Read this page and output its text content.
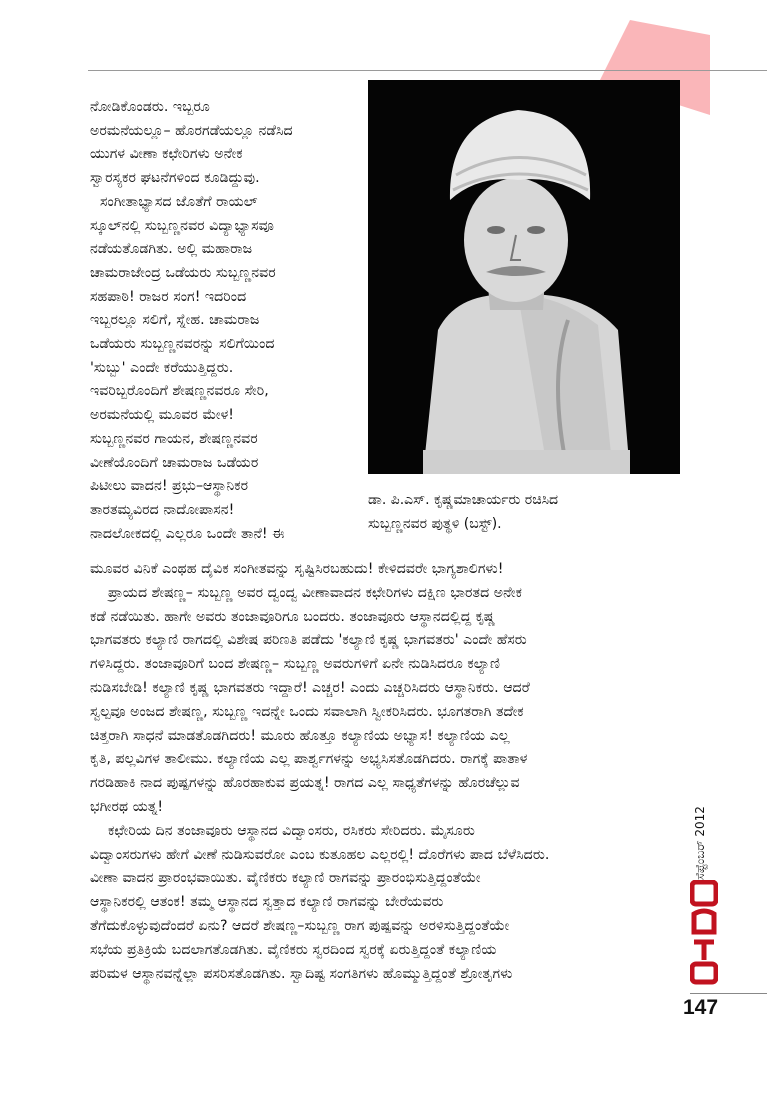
ಡಾ. ಪಿ.ಎಸ್. ಕೃಷ್ಣಮಾಚಾರ್ಯರು ರಚಿಸಿದ
ಸುಬ್ಬಣ್ಣನವರ ಪುತ್ಥಳಿ (ಬಸ್ಟ್).
ನೋಡಿಕೊಂಡರು. ಇಬ್ಬರೂ
ಅರಮನೆಯಲ್ಲೂ– ಹೊರಗಡೆಯಲ್ಲೂ ನಡೆಸಿದ
ಯುಗಳ ವೀಣಾ ಕಛೇರಿಗಳು ಅನೇಕ
ಸ್ವಾರಸ್ಯಕರ ಘಟನೆಗಳಿಂದ ಕೂಡಿದ್ದುವು.
ಸಂಗೀತಾಭ್ಯಾಸದ ಜೊತೆಗೆ ರಾಯಲ್
ಸ್ಕೂಲ್‌ನಲ್ಲಿ ಸುಬ್ಬಣ್ಣನವರ ವಿದ್ಯಾಭ್ಯಾಸವೂ
ನಡೆಯತೊಡಗಿತು. ಅಲ್ಲಿ ಮಹಾರಾಜ
ಚಾಮರಾಜೇಂದ್ರ ಒಡೆಯರು ಸುಬ್ಬಣ್ಣನವರ
ಸಹಪಾಠಿ! ರಾಜರ ಸಂಗ! ಇದರಿಂದ
ಇಬ್ಬರಲ್ಲೂ ಸಲಿಗೆ, ಸ್ನೇಹ. ಚಾಮರಾಜ
ಒಡೆಯರು ಸುಬ್ಬಣ್ಣನವರನ್ನು ಸಲಿಗೆಯಿಂದ
'ಸುಬ್ಬು' ಎಂದೇ ಕರೆಯುತ್ತಿದ್ದರು.
ಇವರಿಬ್ಬರೊಂದಿಗೆ ಶೇಷಣ್ಣನವರೂ ಸೇರಿ,
ಅರಮನೆಯಲ್ಲಿ ಮೂವರ ಮೇಳ!
ಸುಬ್ಬಣ್ಣನವರ ಗಾಯನ, ಶೇಷಣ್ಣನವರ
ವೀಣೆಯೊಂದಿಗೆ ಚಾಮರಾಜ ಒಡೆಯರ
ಪಿಟೀಲು ವಾದನ! ಪ್ರಭು–ಆಸ್ಥಾನಿಕರ
ತಾರತಮ್ಯವಿರದ ನಾದೋಪಾಸನ!
ನಾದಲೋಕದಲ್ಲಿ ಎಲ್ಲರೂ ಒಂದೇ ತಾನೆ! ಈ
ಮೂವರ ವಿನಿಕೆ ಎಂಥಹ ದೈವಿಕ ಸಂಗೀತವನ್ನು ಸೃಷ್ಟಿಸಿರಬಹುದು! ಕೇಳಿದವರೇ ಭಾಗ್ಯಶಾಲಿಗಳು!
ಪ್ರಾಯದ ಶೇಷಣ್ಣ– ಸುಬ್ಬಣ್ಣ ಅವರ ದ್ವಂದ್ವ ವೀಣಾವಾದನ ಕಛೇರಿಗಳು ದಕ್ಷಿಣ ಭಾರತದ ಅನೇಕ
ಕಡೆ ನಡೆಯಿತು. ಹಾಗೇ ಅವರು ತಂಜಾವೂರಿಗೂ ಬಂದರು. ತಂಜಾವೂರು ಆಸ್ಥಾನದಲ್ಲಿದ್ದ ಕೃಷ್ಣ
ಭಾಗವತರು ಕಲ್ಯಾಣಿ ರಾಗದಲ್ಲಿ ವಿಶೇಷ ಪರಿಣತಿ ಪಡೆದು 'ಕಲ್ಯಾಣಿ ಕೃಷ್ಣ ಭಾಗವತರು' ಎಂದೇ ಹೆಸರು
ಗಳಿಸಿದ್ದರು. ತಂಜಾವೂರಿಗೆ ಬಂದ ಶೇಷಣ್ಣ– ಸುಬ್ಬಣ್ಣ ಅವರುಗಳಿಗೆ ಏನೇ ನುಡಿಸಿದರೂ ಕಲ್ಯಾಣಿ
ನುಡಿಸಬೇಡಿ! ಕಲ್ಯಾಣಿ ಕೃಷ್ಣ ಭಾಗವತರು ಇದ್ದಾರೆ! ಎಚ್ಚರ! ಎಂದು ಎಚ್ಚರಿಸಿದರು ಆಸ್ಥಾನಿಕರು. ಆದರೆ
ಸ್ವಲ್ಪವೂ ಅಂಜದ ಶೇಷಣ್ಣ, ಸುಬ್ಬಣ್ಣ ಇದನ್ನೇ ಒಂದು ಸವಾಲಾಗಿ ಸ್ವೀಕರಿಸಿದರು. ಭೂಗತರಾಗಿ ತದೇಕ
ಚಿತ್ತರಾಗಿ ಸಾಧನೆ ಮಾಡತೊಡಗಿದರು! ಮೂರು ಹೊತ್ತೂ ಕಲ್ಯಾಣಿಯ ಅಭ್ಯಾಸ! ಕಲ್ಯಾಣಿಯ ಎಲ್ಲ
ಕೃತಿ, ಪಲ್ಲವಿಗಳ ತಾಲೀಮು. ಕಲ್ಯಾಣಿಯ ಎಲ್ಲ ಪಾರ್ಶ್ವಗಳನ್ನು ಅಭ್ಯಸಿಸತೊಡಗಿದರು. ರಾಗಕ್ಕೆ ಪಾತಾಳ
ಗರಡಿಹಾಕಿ ನಾದ ಪುಷ್ಪಗಳನ್ನು ಹೊರಹಾಕುವ ಪ್ರಯತ್ನ! ರಾಗದ ಎಲ್ಲ ಸಾಧ್ಯತೆಗಳನ್ನು ಹೊರಚೆಲ್ಲುವ
ಭಗೀರಥ ಯತ್ನ!
ಕಛೇರಿಯ ದಿನ ತಂಜಾವೂರು ಆಸ್ಥಾನದ ವಿದ್ವಾಂಸರು, ರಸಿಕರು ಸೇರಿದರು. ಮೈಸೂರು
ವಿದ್ವಾಂಸರುಗಳು ಹೇಗೆ ವೀಣೆ ನುಡಿಸುವರೋ ಎಂಬ ಕುತೂಹಲ ಎಲ್ಲರಲ್ಲಿ! ದೊರೆಗಳು ಪಾದ ಬೆಳೆಸಿದರು.
ವೀಣಾ ವಾದನ ಪ್ರಾರಂಭವಾಯಿತು. ವೈಣಿಕರು ಕಲ್ಯಾಣಿ ರಾಗವನ್ನು ಪ್ರಾರಂಭಿಸುತ್ತಿದ್ದಂತೆಯೇ
ಆಸ್ಥಾನಿಕರಲ್ಲಿ ಆತಂಕ! ತಮ್ಮ ಆಸ್ಥಾನದ ಸ್ವತ್ತಾದ ಕಲ್ಯಾಣಿ ರಾಗವನ್ನು ಬೇರೆಯವರು
ತೆಗೆದುಕೊಳ್ಳುವುದೆಂದರೆ ಏನು? ಆದರೆ ಶೇಷಣ್ಣ–ಸುಬ್ಬಣ್ಣ ರಾಗ ಪುಷ್ಪವನ್ನು ಅರಳಿಸುತ್ತಿದ್ದಂತೆಯೇ
ಸಭೆಯ ಪ್ರತಿಕ್ರಿಯೆ ಬದಲಾಗತೊಡಗಿತು. ವೈಣಿಕರು ಸ್ವರದಿಂದ ಸ್ವರಕ್ಕೆ ಏರುತ್ತಿದ್ದಂತೆ ಕಲ್ಯಾಣಿಯ
ಪರಿಮಳ ಆಸ್ಥಾನವನ್ನೆಲ್ಲಾ ಪಸರಿಸತೊಡಗಿತು. ಸ್ವಾದಿಷ್ಟ ಸಂಗತಿಗಳು ಹೊಮ್ಮುತ್ತಿದ್ದಂತೆ ಶ್ರೋತೃಗಳು
ಸೆಪ್ಟೆಂಬರ್ 2012
147
